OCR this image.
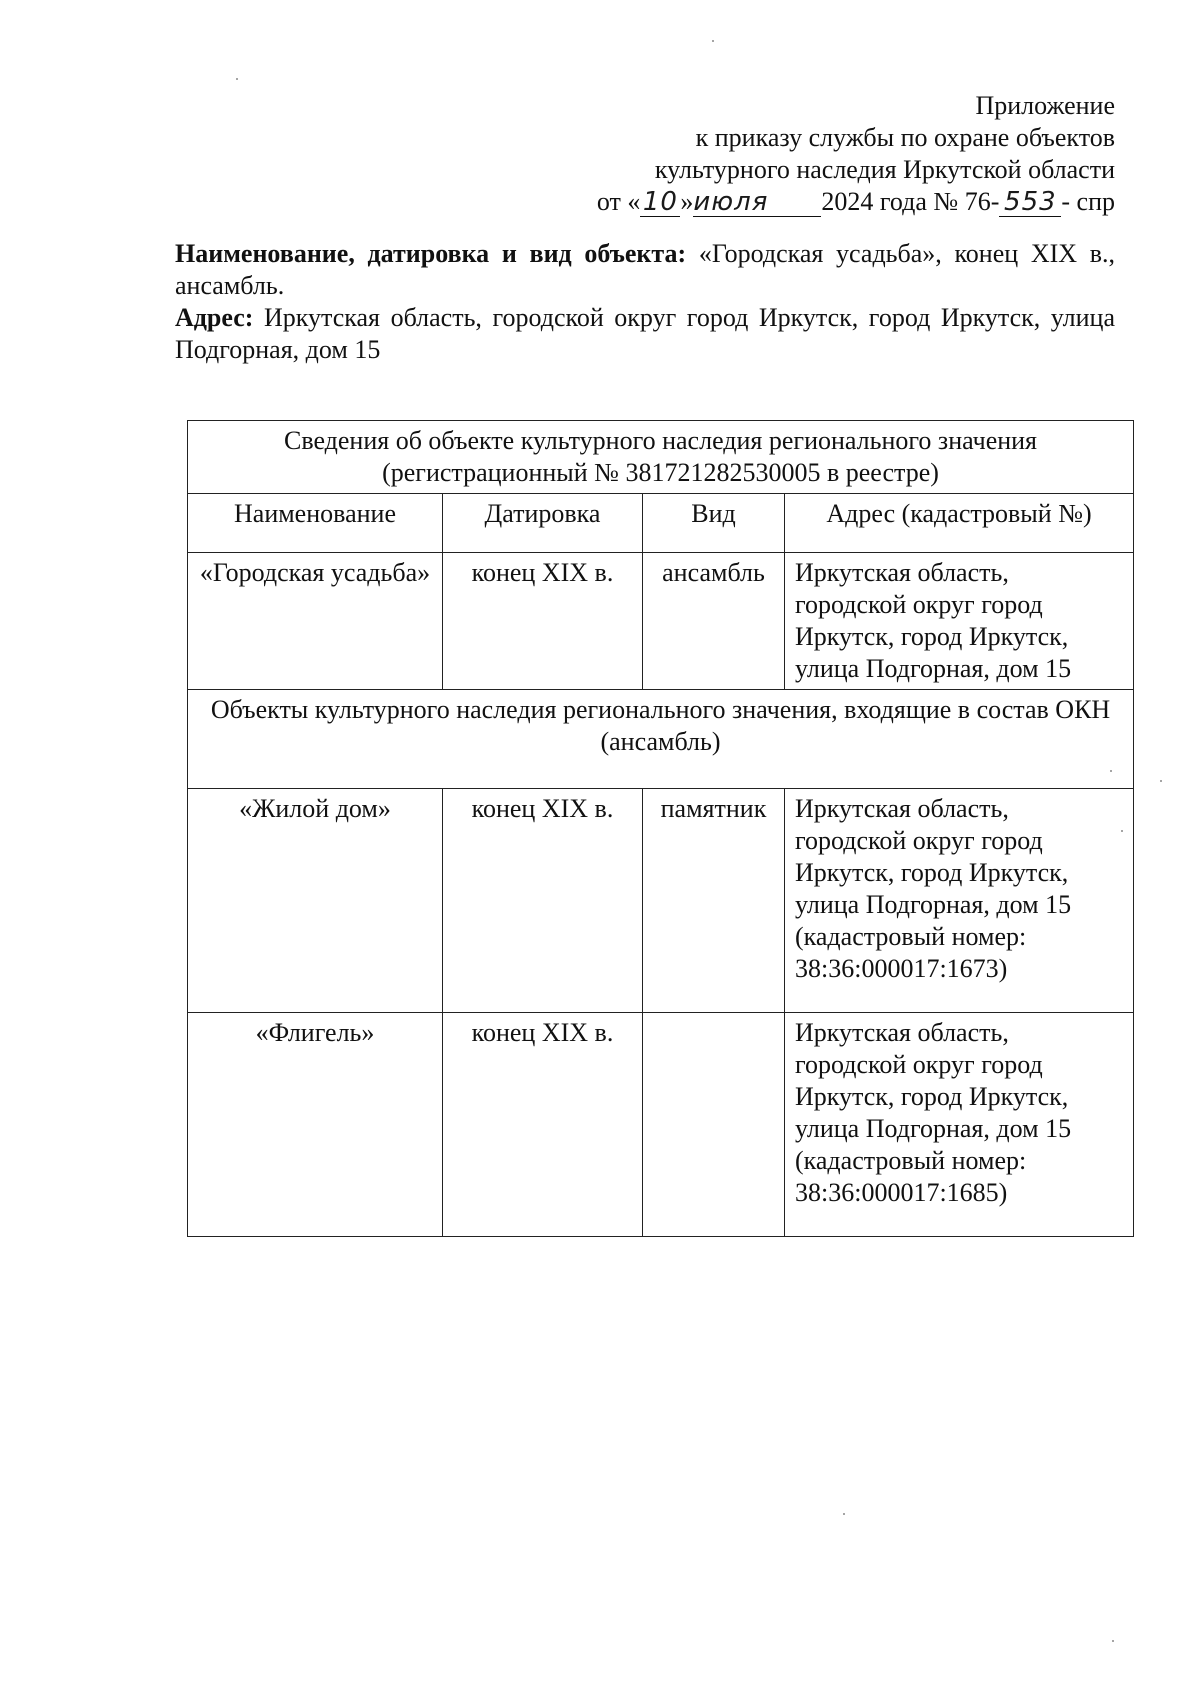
Приложение
к приказу службы по охране объектов
культурного наследия Иркутской области
от «10»июля 2024 года № 76- 553 - спр

Наименование, датировка и вид объекта: «Городская усадьба», конец XIX в., ансамбль.

Адрес: Иркутская область, городской округ город Иркутск, город Иркутск, улица Подгорная, дом 15

Сведения об объекте культурного наследия регионального значения (регистрационный № 381721282530005 в реестре)			
Наименование	Датировка	Вид	Адрес (кадастровый №)
«Городская усадьба»	конец XIX в.	ансамбль	Иркутская область, городской округ город Иркутск, город Иркутск, улица Подгорная, дом 15
Объекты культурного наследия регионального значения, входящие в состав ОКН (ансамбль)			
«Жилой дом»	конец XIX в.	памятник	Иркутская область, городской округ город Иркутск, город Иркутск, улица Подгорная, дом 15 (кадастровый номер: 38:36:000017:1673)
«Флигель»	конец XIX в.		Иркутская область, городской округ город Иркутск, город Иркутск, улица Подгорная, дом 15 (кадастровый номер: 38:36:000017:1685)
